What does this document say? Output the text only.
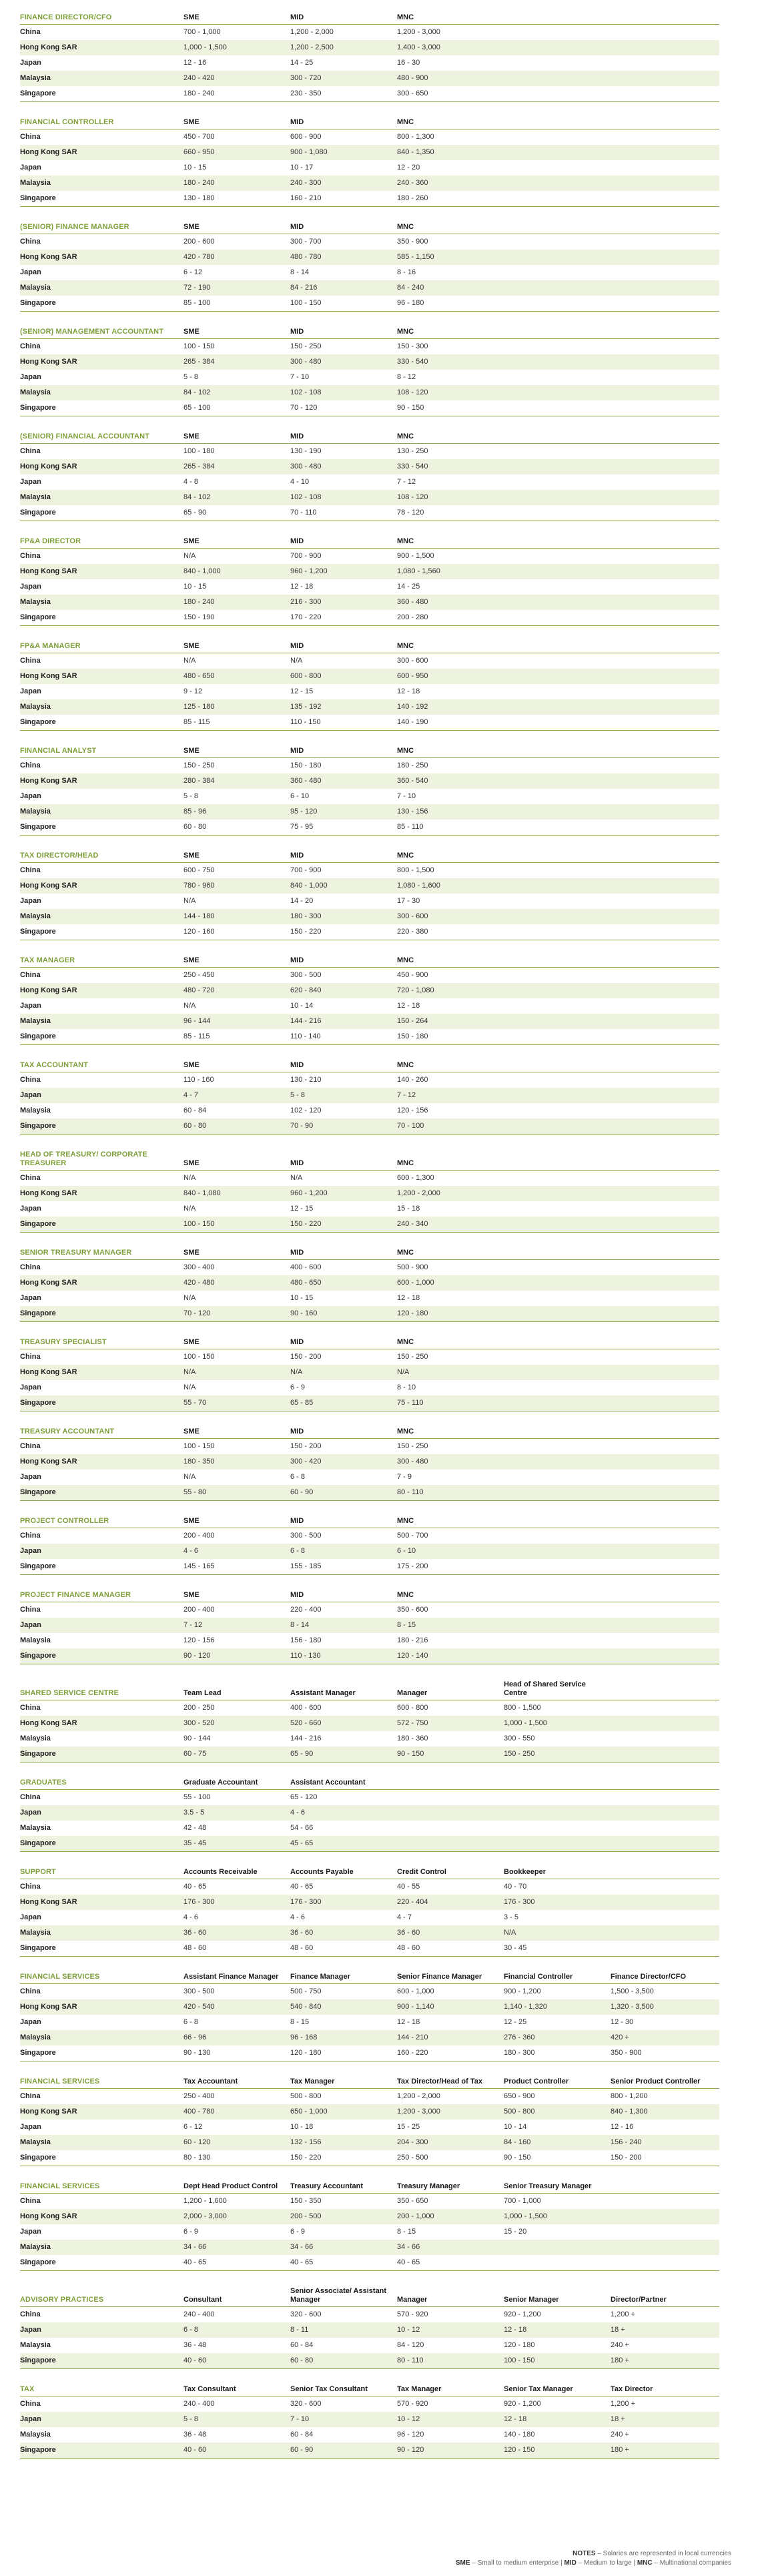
FINANCE DIRECTOR/CFO	SME	MID	MNC	
China	700 - 1,000	1,200 - 2,000	1,200 - 3,000	
Hong Kong SAR	1,000 - 1,500	1,200 - 2,500	1,400 - 3,000	
Japan	12 - 16	14 - 25	16 - 30	
Malaysia	240 - 420	300 - 720	480 - 900	
Singapore	180 - 240	230 - 350	300 - 650	
FINANCIAL CONTROLLER	SME	MID	MNC	
China	450 - 700	600 - 900	800 - 1,300	
Hong Kong SAR	660 - 950	900 - 1,080	840 - 1,350	
Japan	10 - 15	10 - 17	12 - 20	
Malaysia	180 - 240	240 - 300	240 - 360	
Singapore	130 - 180	160 - 210	180 - 260	
(SENIOR) FINANCE MANAGER	SME	MID	MNC	
China	200 - 600	300 - 700	350 - 900	
Hong Kong SAR	420 - 780	480 - 780	585 - 1,150	
Japan	6 - 12	8 - 14	8 - 16	
Malaysia	72 - 190	84 - 216	84 - 240	
Singapore	85 - 100	100 - 150	96 - 180	
(SENIOR) MANAGEMENT ACCOUNTANT	SME	MID	MNC	
China	100 - 150	150 - 250	150 - 300	
Hong Kong SAR	265 - 384	300 - 480	330 - 540	
Japan	5 - 8	7 - 10	8 - 12	
Malaysia	84 - 102	102 - 108	108 - 120	
Singapore	65 - 100	70 - 120	90 - 150	
(SENIOR) FINANCIAL ACCOUNTANT	SME	MID	MNC	
China	100 - 180	130 - 190	130 - 250	
Hong Kong SAR	265 - 384	300 - 480	330 - 540	
Japan	4 - 8	4 - 10	7 - 12	
Malaysia	84 - 102	102 - 108	108 - 120	
Singapore	65 - 90	70 - 110	78 - 120	
FP&A DIRECTOR	SME	MID	MNC	
China	N/A	700 - 900	900 - 1,500	
Hong Kong SAR	840 - 1,000	960 - 1,200	1,080 - 1,560	
Japan	10 - 15	12 - 18	14 - 25	
Malaysia	180 - 240	216 - 300	360 - 480	
Singapore	150 - 190	170 - 220	200 - 280	
FP&A MANAGER	SME	MID	MNC	
China	N/A	N/A	300 - 600	
Hong Kong SAR	480 - 650	600 - 800	600 - 950	
Japan	9 - 12	12 - 15	12 - 18	
Malaysia	125 - 180	135 - 192	140 - 192	
Singapore	85 - 115	110 - 150	140 - 190	
FINANCIAL ANALYST	SME	MID	MNC	
China	150 - 250	150 - 180	180 - 250	
Hong Kong SAR	280 - 384	360 - 480	360 - 540	
Japan	5 - 8	6 - 10	7 - 10	
Malaysia	85 - 96	95 - 120	130 - 156	
Singapore	60 - 80	75 - 95	85 - 110	
TAX DIRECTOR/HEAD	SME	MID	MNC	
China	600 - 750	700 - 900	800 - 1,500	
Hong Kong SAR	780 - 960	840 - 1,000	1,080 - 1,600	
Japan	N/A	14 - 20	17 - 30	
Malaysia	144 - 180	180 - 300	300 - 600	
Singapore	120 - 160	150 - 220	220 - 380	
TAX MANAGER	SME	MID	MNC	
China	250 - 450	300 - 500	450 - 900	
Hong Kong SAR	480 - 720	620 - 840	720 - 1,080	
Japan	N/A	10 - 14	12 - 18	
Malaysia	96 - 144	144 - 216	150 - 264	
Singapore	85 - 115	110 - 140	150 - 180	
TAX ACCOUNTANT	SME	MID	MNC	
China	110 - 160	130 - 210	140 - 260	
Japan	4 - 7	5 - 8	7 - 12	
Malaysia	60 - 84	102 - 120	120 - 156	
Singapore	60 - 80	70 - 90	70 - 100	
HEAD OF TREASURY/ CORPORATE TREASURER	SME	MID	MNC	
China	N/A	N/A	600 - 1,300	
Hong Kong SAR	840 - 1,080	960 - 1,200	1,200 - 2,000	
Japan	N/A	12 - 15	15 - 18	
Singapore	100 - 150	150 - 220	240 - 340	
SENIOR TREASURY MANAGER	SME	MID	MNC	
China	300 - 400	400 - 600	500 - 900	
Hong Kong SAR	420 - 480	480 - 650	600 - 1,000	
Japan	N/A	10 - 15	12 - 18	
Singapore	70 - 120	90 - 160	120 - 180	
TREASURY SPECIALIST	SME	MID	MNC	
China	100 - 150	150 - 200	150 - 250	
Hong Kong SAR	N/A	N/A	N/A	
Japan	N/A	6 - 9	8 - 10	
Singapore	55 - 70	65 - 85	75 - 110	
TREASURY ACCOUNTANT	SME	MID	MNC	
China	100 - 150	150 - 200	150 - 250	
Hong Kong SAR	180 - 350	300 - 420	300 - 480	
Japan	N/A	6 - 8	7 - 9	
Singapore	55 - 80	60 - 90	80 - 110	
PROJECT CONTROLLER	SME	MID	MNC	
China	200 - 400	300 - 500	500 - 700	
Japan	4 - 6	6 - 8	6 - 10	
Singapore	145 - 165	155 - 185	175 - 200	
PROJECT FINANCE MANAGER	SME	MID	MNC	
China	200 - 400	220 - 400	350 - 600	
Japan	7 - 12	8 - 14	8 - 15	
Malaysia	120 - 156	156 - 180	180 - 216	
Singapore	90 - 120	110 - 130	120 - 140	
SHARED SERVICE CENTRE	Team Lead	Assistant Manager	Manager	Head of Shared Service Centre	
China	200 - 250	400 - 600	600 - 800	800 - 1,500	
Hong Kong SAR	300 - 520	520 - 660	572 - 750	1,000 - 1,500	
Malaysia	90 - 144	144 - 216	180 - 360	300 - 550	
Singapore	60 - 75	65 - 90	90 - 150	150 - 250	
GRADUATES	Graduate Accountant	Assistant Accountant	
China	55 - 100	65 - 120	
Japan	3.5 - 5	4 - 6	
Malaysia	42 - 48	54 - 66	
Singapore	35 - 45	45 - 65	
SUPPORT	Accounts Receivable	Accounts Payable	Credit Control	Bookkeeper	
China	40 - 65	40 - 65	40 - 55	40 - 70	
Hong Kong SAR	176 - 300	176 - 300	220 - 404	176 - 300	
Japan	4 - 6	4 - 6	4 - 7	3 - 5	
Malaysia	36 - 60	36 - 60	36 - 60	N/A	
Singapore	48 - 60	48 - 60	48 - 60	30 - 45	
FINANCIAL SERVICES	Assistant Finance Manager	Finance Manager	Senior Finance Manager	Financial Controller	Finance Director/CFO	
China	300 - 500	500 - 750	600 - 1,000	900 - 1,200	1,500 - 3,500	
Hong Kong SAR	420 - 540	540 - 840	900 - 1,140	1,140 - 1,320	1,320 - 3,500	
Japan	6 - 8	8 - 15	12 - 18	12 - 25	12 - 30	
Malaysia	66 - 96	96 - 168	144 - 210	276 - 360	420 +	
Singapore	90 - 130	120 - 180	160 - 220	180 - 300	350 - 900	
FINANCIAL SERVICES	Tax Accountant	Tax Manager	Tax Director/Head of Tax	Product Controller	Senior Product Controller	
China	250 - 400	500 - 800	1,200 - 2,000	650 - 900	800 - 1,200	
Hong Kong SAR	400 - 780	650 - 1,000	1,200 - 3,000	500 - 800	840 - 1,300	
Japan	6 - 12	10 - 18	15 - 25	10 - 14	12 - 16	
Malaysia	60 - 120	132 - 156	204 - 300	84 - 160	156 - 240	
Singapore	80 - 130	150 - 220	250 - 500	90 - 150	150 - 200	
FINANCIAL SERVICES	Dept Head Product Control	Treasury Accountant	Treasury Manager	Senior Treasury Manager	
China	1,200 - 1,600	150 - 350	350 - 650	700 - 1,000	
Hong Kong SAR	2,000 - 3,000	200 - 500	200 - 1,000	1,000 - 1,500	
Japan	6 - 9	6 - 9	8 - 15	15 - 20	
Malaysia	34 - 66	34 - 66	34 - 66		
Singapore	40 - 65	40 - 65	40 - 65		
ADVISORY PRACTICES	Consultant	Senior Associate/ Assistant Manager	Manager	Senior Manager	Director/Partner	
China	240 - 400	320 - 600	570 - 920	920 - 1,200	1,200 +	
Japan	6 - 8	8 - 11	10 - 12	12 - 18	18 +	
Malaysia	36 - 48	60 - 84	84 - 120	120 - 180	240 +	
Singapore	40 - 60	60 - 80	80 - 110	100 - 150	180 +	
TAX	Tax Consultant	Senior Tax Consultant	Tax Manager	Senior Tax Manager	Tax Director	
China	240 - 400	320 - 600	570 - 920	920 - 1,200	1,200 +	
Japan	5 - 8	7 - 10	10 - 12	12 - 18	18 +	
Malaysia	36 - 48	60 - 84	96 - 120	140 - 180	240 +	
Singapore	40 - 60	60 - 90	90 - 120	120 - 150	180 +	
NOTES – Salaries are represented in local currencies
SME – Small to medium enterprise | MID – Medium to large | MNC – Multinational companies
